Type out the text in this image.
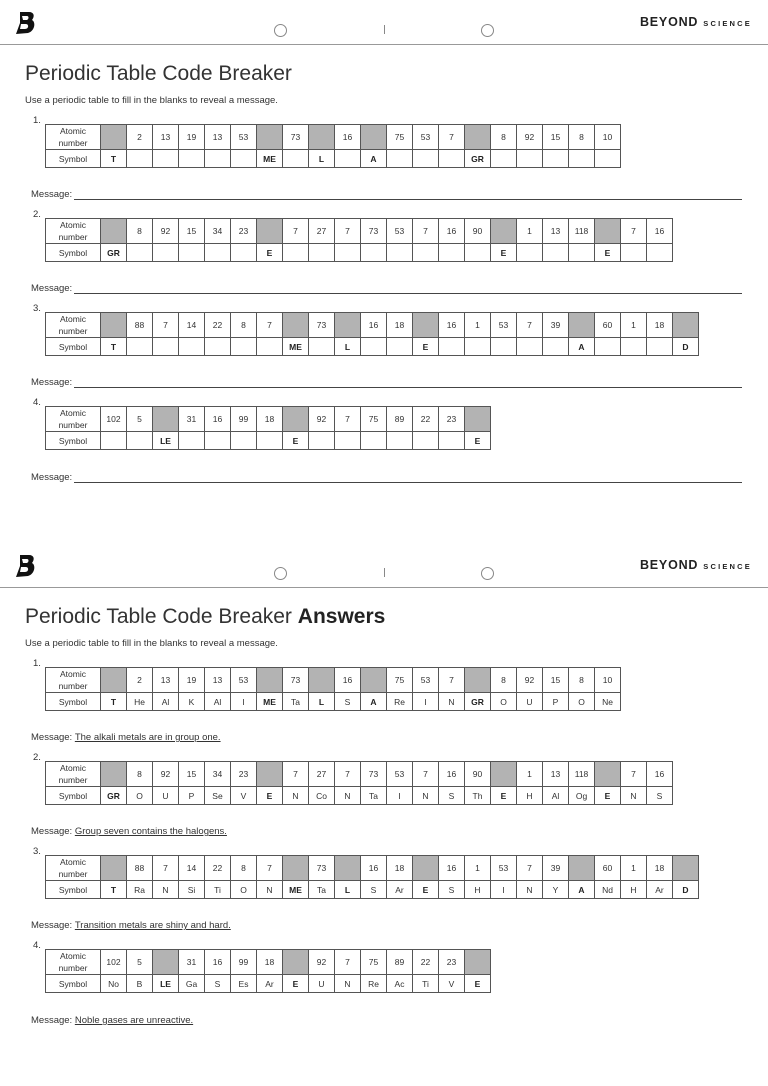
BEYOND SCIENCE
Periodic Table Code Breaker
Use a periodic table to fill in the blanks to reveal a message.
1.
Atomic number		2	13	19	13	53		73		16		75	53	7		8	92	15	8	10
Symbol	T						ME		L		A				GR					
Message:
2.
Atomic number		8	92	15	34	23		7	27	7	73	53	7	16	90		1	13	118		7	16
Symbol	GR						E									E				E		
Message:
3.
Atomic number		88	7	14	22	8	7		73		16	18		16	1	53	7	39		60	1	18	
Symbol	T							ME		L			E						A				D
Message:
4.
Atomic number	102	5		31	16	99	18		92	7	75	89	22	23	
Symbol			LE					E							E
Message:
BEYOND SCIENCE
Periodic Table Code Breaker Answers
Use a periodic table to fill in the blanks to reveal a message.
1.
Atomic number		2	13	19	13	53		73		16		75	53	7		8	92	15	8	10
Symbol	T	He	Al	K	Al	I	ME	Ta	L	S	A	Re	I	N	GR	O	U	P	O	Ne
Message: The alkali metals are in group one.
2.
Atomic number		8	92	15	34	23		7	27	7	73	53	7	16	90		1	13	118		7	16
Symbol	GR	O	U	P	Se	V	E	N	Co	N	Ta	I	N	S	Th	E	H	Al	Og	E	N	S
Message: Group seven contains the halogens.
3.
Atomic number		88	7	14	22	8	7		73		16	18		16	1	53	7	39		60	1	18	
Symbol	T	Ra	N	Si	Ti	O	N	ME	Ta	L	S	Ar	E	S	H	I	N	Y	A	Nd	H	Ar	D
Message: Transition metals are shiny and hard.
4.
Atomic number	102	5		31	16	99	18		92	7	75	89	22	23	
Symbol	No	B	LE	Ga	S	Es	Ar	E	U	N	Re	Ac	Ti	V	E
Message: Noble gases are unreactive.
